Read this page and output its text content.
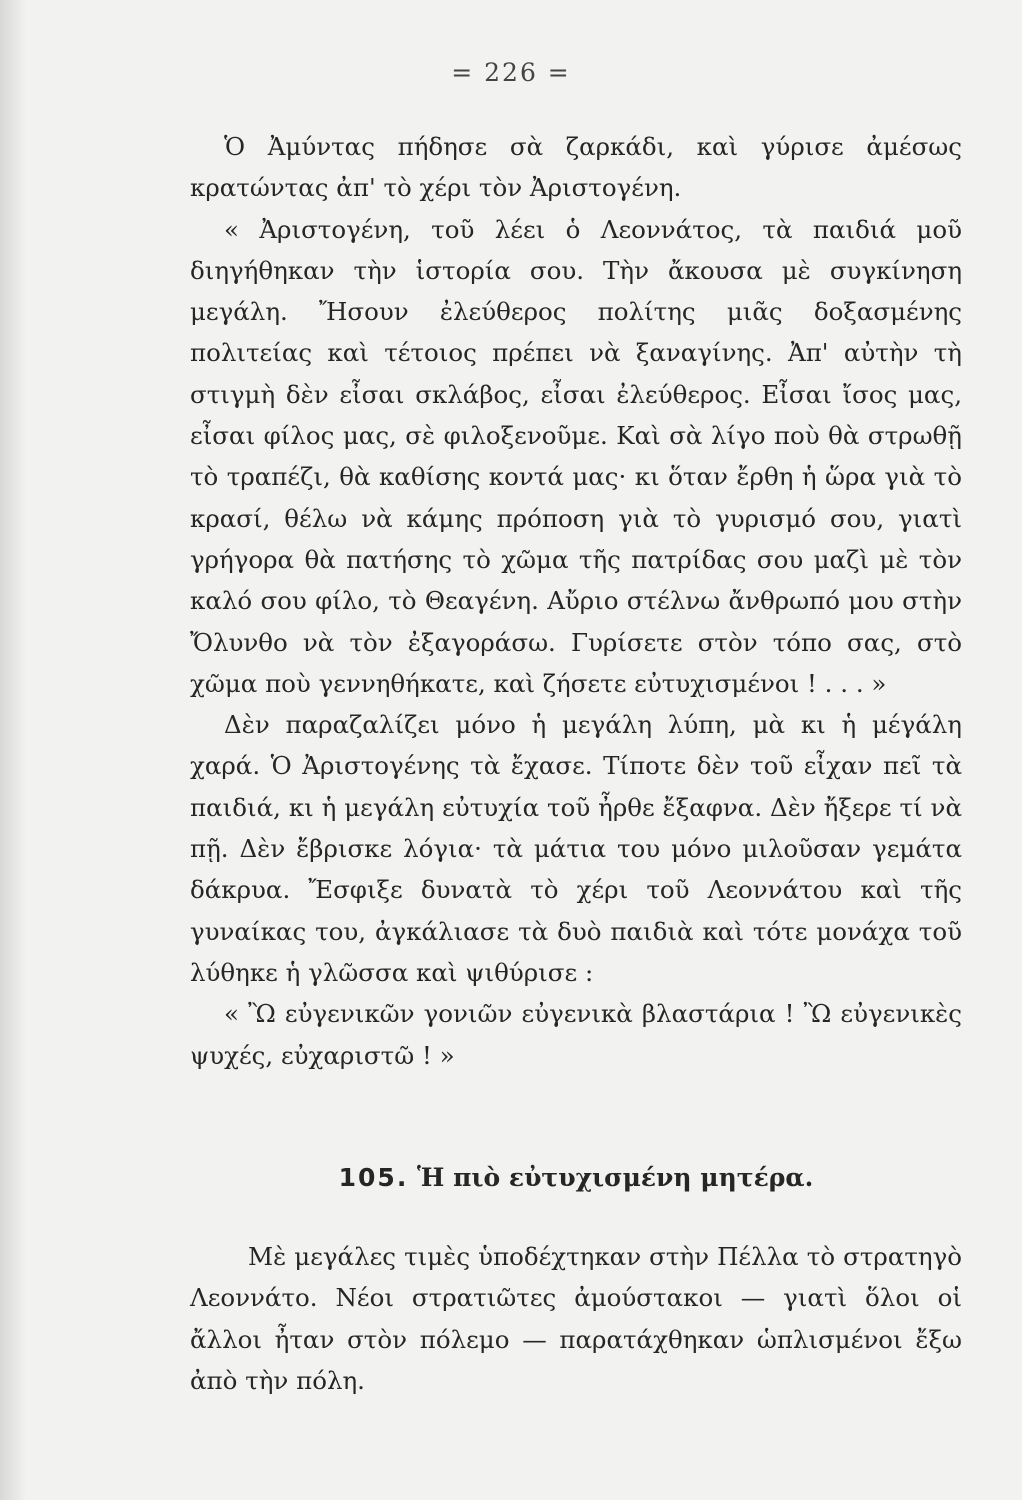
= 226 =

Ὁ Ἀμύντας πήδησε σὰ ζαρκάδι, καὶ γύρισε ἀμέσως κρατώντας ἀπ' τὸ χέρι τὸν Ἀριστογένη.

« Ἀριστογένη, τοῦ λέει ὁ Λεοννάτος, τὰ παιδιά μοῦ διηγήθηκαν τὴν ἱστορία σου. Τὴν ἄκουσα μὲ συγκίνηση μεγάλη. Ἤσουν ἐλεύθερος πολίτης μιᾶς δοξασμένης πολιτείας καὶ τέτοιος πρέπει νὰ ξαναγίνης. Ἀπ' αὐτὴν τὴ στιγμὴ δὲν εἶσαι σκλάβος, εἶσαι ἐλεύθερος. Εἶσαι ἴσος μας, εἶσαι φίλος μας, σὲ φιλοξενοῦμε. Καὶ σὰ λίγο ποὺ θὰ στρωθῇ τὸ τραπέζι, θὰ καθίσης κοντά μας· κι ὅταν ἔρθη ἡ ὥρα γιὰ τὸ κρασί, θέλω νὰ κάμης πρόποση γιὰ τὸ γυρισμό σου, γιατὶ γρήγορα θὰ πατήσης τὸ χῶμα τῆς πατρίδας σου μαζὶ μὲ τὸν καλό σου φίλο, τὸ Θεαγένη. Αὔριο στέλνω ἄνθρωπό μου στὴν Ὄλυνθο νὰ τὸν ἐξαγοράσω. Γυρίσετε στὸν τόπο σας, στὸ χῶμα ποὺ γεννηθήκατε, καὶ ζήσετε εὐτυχισμένοι ! . . . »

Δὲν παραζαλίζει μόνο ἡ μεγάλη λύπη, μὰ κι ἡ μέγάλη χαρά. Ὁ Ἀριστογένης τὰ ἔχασε. Τίποτε δὲν τοῦ εἶχαν πεῖ τὰ παιδιά, κι ἡ μεγάλη εὐτυχία τοῦ ἦρθε ἔξαφνα. Δὲν ἤξερε τί νὰ πῇ. Δὲν ἔβρισκε λόγια· τὰ μάτια του μόνο μιλοῦσαν γεμάτα δάκρυα. Ἔσφιξε δυνατὰ τὸ χέρι τοῦ Λεοννάτου καὶ τῆς γυναίκας του, ἀγκάλιασε τὰ δυὸ παιδιὰ καὶ τότε μονάχα τοῦ λύθηκε ἡ γλῶσσα καὶ ψιθύρισε :

« Ὢ εὐγενικῶν γονιῶν εὐγενικὰ βλαστάρια ! Ὢ εὐγενικὲς ψυχές, εὐχαριστῶ ! »

105. Ἡ πιὸ εὐτυχισμένη μητέρα.

Μὲ μεγάλες τιμὲς ὑποδέχτηκαν στὴν Πέλλα τὸ στρατηγὸ Λεοννάτο. Νέοι στρατιῶτες ἀμούστακοι — γιατὶ ὅλοι οἱ ἄλλοι ἦταν στὸν πόλεμο — παρατάχθηκαν ὡπλισμένοι ἔξω ἀπὸ τὴν πόλη.
